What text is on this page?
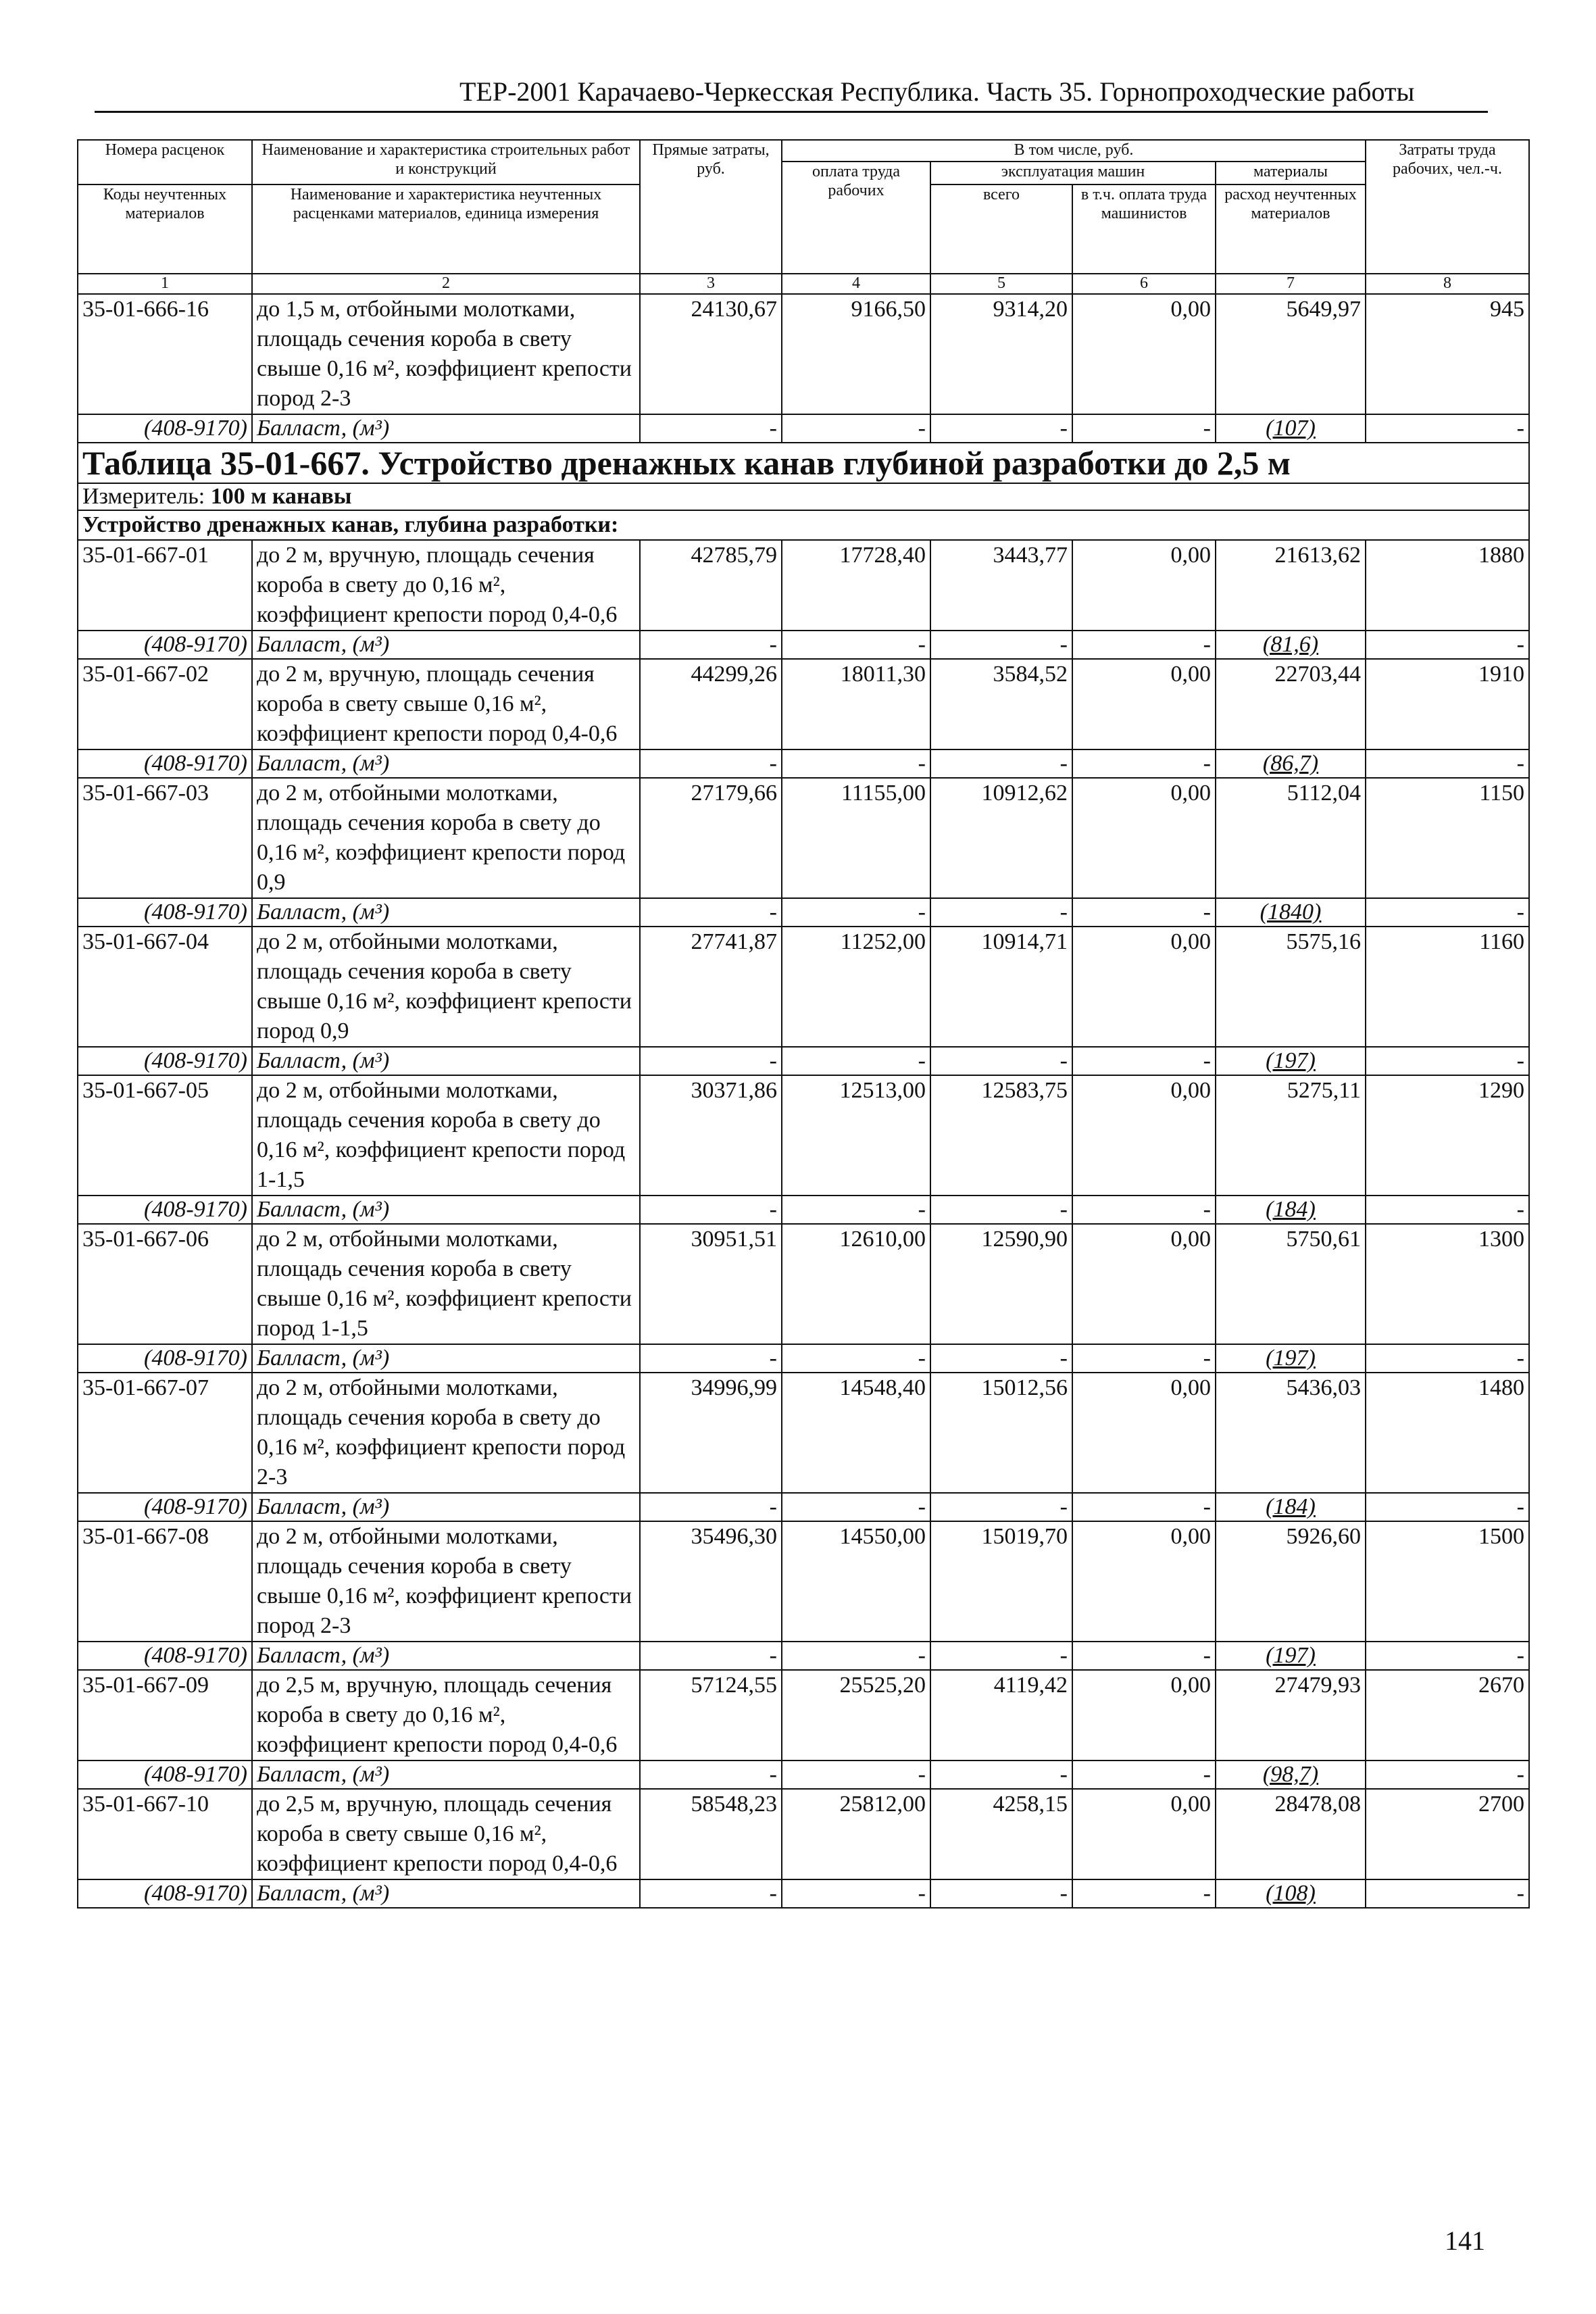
ТЕР-2001 Карачаево-Черкесская Республика. Часть 35. Горнопроходческие работы
Номера расценок	Наименование и характеристика строительных работ и конструкций	Прямые затраты, руб.	В том числе, руб.				Затраты труда рабочих, чел.-ч.
			оплата труда рабочих	эксплуатация машин		материалы	
Коды неучтенных материалов	Наименование и характеристика неучтенных расценками материалов, единица измерения			всего	в т.ч. оплата труда машинистов	расход неучтенных материалов	

1	2	3	4	5	6	7	8
35-01-666-16	до 1,5 м, отбойными молотками, площадь сечения короба в свету свыше 0,16 м², коэффициент крепости пород 2-3	24130,67	9166,50	9314,20	0,00	5649,97	945
(408-9170)	Балласт, (м³)	-	-	-	-	(107)	-
Таблица 35-01-667. Устройство дренажных канав глубиной разработки до 2,5 м							
Измеритель: 100 м канавы							
Устройство дренажных канав, глубина разработки:							
35-01-667-01	до 2 м, вручную, площадь сечения короба в свету до 0,16 м², коэффициент крепости пород 0,4-0,6	42785,79	17728,40	3443,77	0,00	21613,62	1880
(408-9170)	Балласт, (м³)	-	-	-	-	(81,6)	-
35-01-667-02	до 2 м, вручную, площадь сечения короба в свету свыше 0,16 м², коэффициент крепости пород 0,4-0,6	44299,26	18011,30	3584,52	0,00	22703,44	1910
(408-9170)	Балласт, (м³)	-	-	-	-	(86,7)	-
35-01-667-03	до 2 м, отбойными молотками, площадь сечения короба в свету до 0,16 м², коэффициент крепости пород 0,9	27179,66	11155,00	10912,62	0,00	5112,04	1150
(408-9170)	Балласт, (м³)	-	-	-	-	(1840)	-
35-01-667-04	до 2 м, отбойными молотками, площадь сечения короба в свету свыше 0,16 м², коэффициент крепости пород 0,9	27741,87	11252,00	10914,71	0,00	5575,16	1160
(408-9170)	Балласт, (м³)	-	-	-	-	(197)	-
35-01-667-05	до 2 м, отбойными молотками, площадь сечения короба в свету до 0,16 м², коэффициент крепости пород 1-1,5	30371,86	12513,00	12583,75	0,00	5275,11	1290
(408-9170)	Балласт, (м³)	-	-	-	-	(184)	-
35-01-667-06	до 2 м, отбойными молотками, площадь сечения короба в свету свыше 0,16 м², коэффициент крепости пород 1-1,5	30951,51	12610,00	12590,90	0,00	5750,61	1300
(408-9170)	Балласт, (м³)	-	-	-	-	(197)	-
35-01-667-07	до 2 м, отбойными молотками, площадь сечения короба в свету до 0,16 м², коэффициент крепости пород 2-3	34996,99	14548,40	15012,56	0,00	5436,03	1480
(408-9170)	Балласт, (м³)	-	-	-	-	(184)	-
35-01-667-08	до 2 м, отбойными молотками, площадь сечения короба в свету свыше 0,16 м², коэффициент крепости пород 2-3	35496,30	14550,00	15019,70	0,00	5926,60	1500
(408-9170)	Балласт, (м³)	-	-	-	-	(197)	-
35-01-667-09	до 2,5 м, вручную, площадь сечения короба в свету до 0,16 м², коэффициент крепости пород 0,4-0,6	57124,55	25525,20	4119,42	0,00	27479,93	2670
(408-9170)	Балласт, (м³)	-	-	-	-	(98,7)	-
35-01-667-10	до 2,5 м, вручную, площадь сечения короба в свету свыше 0,16 м², коэффициент крепости пород 0,4-0,6	58548,23	25812,00	4258,15	0,00	28478,08	2700
(408-9170)	Балласт, (м³)	-	-	-	-	(108)	-
141
